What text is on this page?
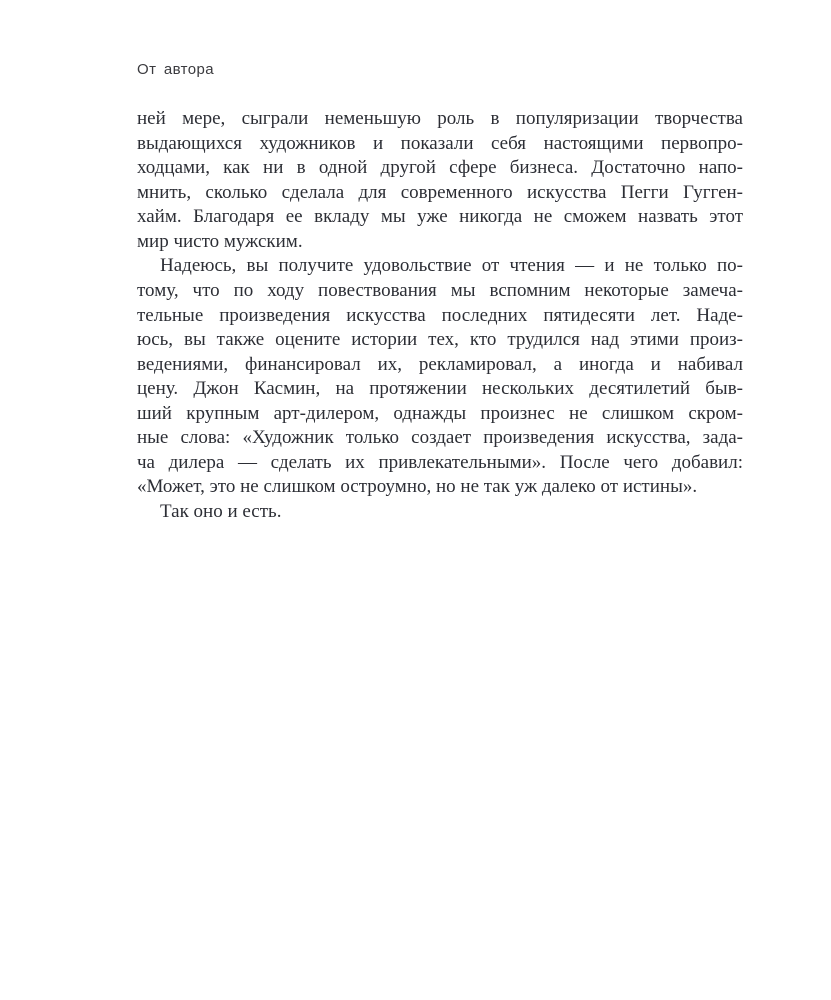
От автора
ней мере, сыграли неменьшую роль в популяризации творчества
выдающихся художников и показали себя настоящими первопро-
ходцами, как ни в одной другой сфере бизнеса. Достаточно напо-
мнить, сколько сделала для современного искусства Пегги Гугген-
хайм. Благодаря ее вкладу мы уже никогда не сможем назвать этот
мир чисто мужским.
Надеюсь, вы получите удовольствие от чтения — и не только по-
тому, что по ходу повествования мы вспомним некоторые замеча-
тельные произведения искусства последних пятидесяти лет. Наде-
юсь, вы также оцените истории тех, кто трудился над этими произ-
ведениями, финансировал их, рекламировал, а иногда и набивал
цену. Джон Касмин, на протяжении нескольких десятилетий быв-
ший крупным арт-дилером, однажды произнес не слишком скром-
ные слова: «Художник только создает произведения искусства, зада-
ча дилера — сделать их привлекательными». После чего добавил:
«Может, это не слишком остроумно, но не так уж далеко от истины».
Так оно и есть.
